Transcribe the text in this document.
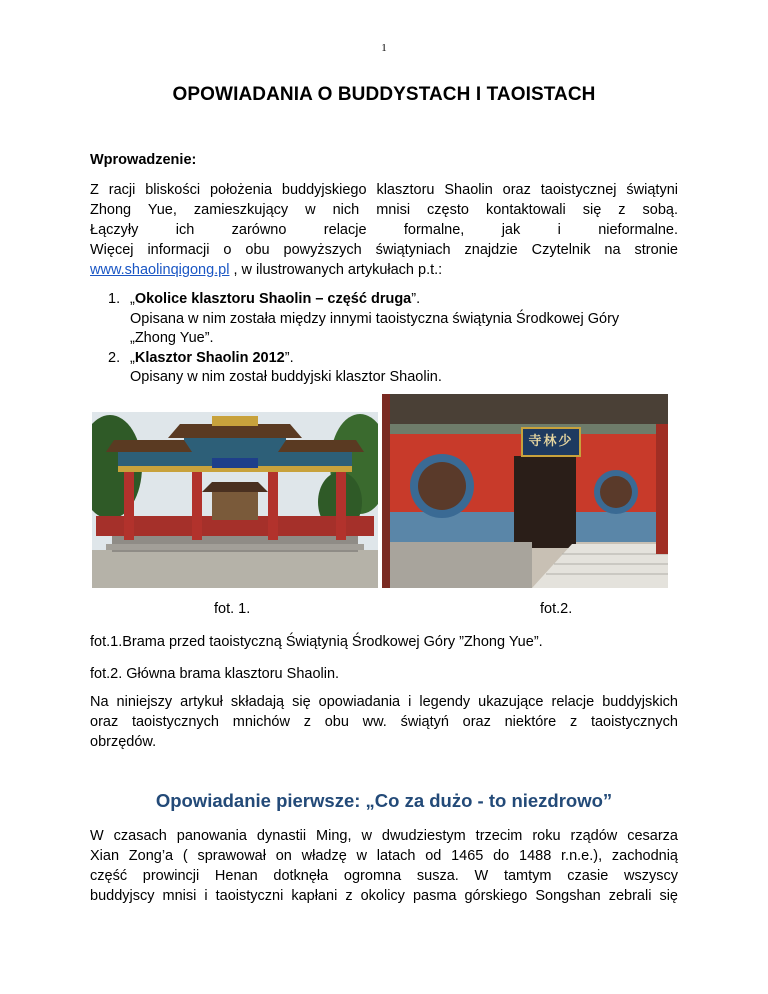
1
OPOWIADANIA O BUDDYSTACH I TAOISTACH
Wprowadzenie:
Z racji bliskości położenia buddyjskiego klasztoru Shaolin oraz taoistycznej świątyni
Zhong Yue, zamieszkujący w nich mnisi często kontaktowali się z sobą.
Łączyły ich zarówno relacje formalne, jak i nieformalne.
Więcej informacji o obu powyższych świątyniach znajdzie Czytelnik na stronie
www.shaolinqigong.pl , w ilustrowanych artykułach p.t.:
1. „Okolice klasztoru Shaolin – część druga”.
Opisana w nim została między innymi taoistyczna świątynia Środkowej Góry
„Zhong Yue”.
2. „Klasztor Shaolin 2012”.
Opisany w nim został buddyjski klasztor Shaolin.
寺林少
fot. 1.	fot.2.
fot.1.Brama przed taoistyczną Świątynią Środkowej Góry ”Zhong Yue”.
fot.2. Główna brama klasztoru Shaolin.
Na niniejszy artykuł składają się opowiadania i legendy ukazujące relacje buddyjskich
oraz taoistycznych mnichów z obu ww. świątyń oraz niektóre z taoistycznych
obrzędów.
Opowiadanie pierwsze: „Co za dużo - to niezdrowo”
W czasach panowania dynastii Ming, w dwudziestym trzecim roku rządów cesarza
Xian Zong’a ( sprawował on władzę w latach od 1465 do 1488 r.n.e.), zachodnią
część prowincji Henan dotknęła ogromna susza. W tamtym czasie wszyscy
buddyjscy mnisi i taoistyczni kapłani z okolicy pasma górskiego Songshan zebrali się
